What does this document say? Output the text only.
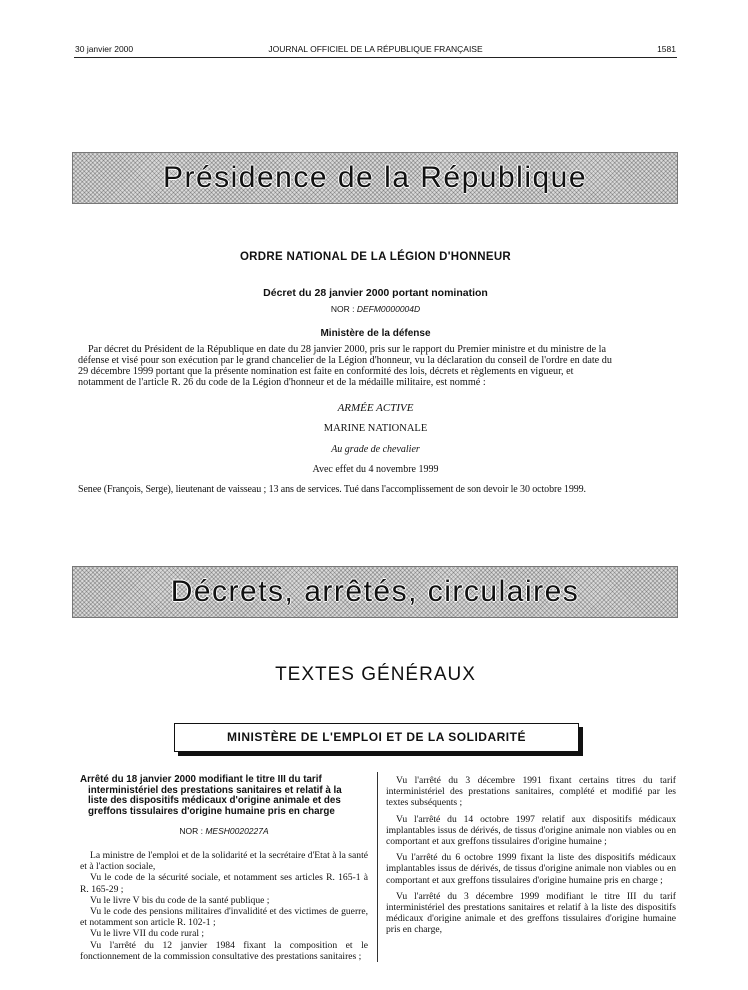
30 janvier 2000	JOURNAL OFFICIEL DE LA RÉPUBLIQUE FRANÇAISE	1581
Présidence de la République
ORDRE NATIONAL DE LA LÉGION D'HONNEUR
Décret du 28 janvier 2000 portant nomination
NOR : DEFM0000004D
Ministère de la défense
Par décret du Président de la République en date du 28 janvier 2000, pris sur le rapport du Premier ministre et du ministre de la
défense et visé pour son exécution par le grand chancelier de la Légion d'honneur, vu la déclaration du conseil de l'ordre en date du
29 décembre 1999 portant que la présente nomination est faite en conformité des lois, décrets et règlements en vigueur, et
notamment de l'article R. 26 du code de la Légion d'honneur et de la médaille militaire, est nommé :
ARMÉE ACTIVE
MARINE NATIONALE
Au grade de chevalier
Avec effet du 4 novembre 1999
Senee (François, Serge), lieutenant de vaisseau ; 13 ans de services. Tué dans l'accomplissement de son devoir le 30 octobre 1999.
Décrets, arrêtés, circulaires
TEXTES GÉNÉRAUX
MINISTÈRE DE L'EMPLOI ET DE LA SOLIDARITÉ
Arrêté du 18 janvier 2000 modifiant le titre III du tarif
interministériel des prestations sanitaires et relatif à la
liste des dispositifs médicaux d'origine animale et des
greffons tissulaires d'origine humaine pris en charge
NOR : MESH0020227A

La ministre de l'emploi et de la solidarité et la secrétaire d'Etat à la santé et à l'action sociale,

Vu le code de la sécurité sociale, et notamment ses articles R. 165-1 à R. 165-29 ;

Vu le livre V bis du code de la santé publique ;

Vu le code des pensions militaires d'invalidité et des victimes de guerre, et notamment son article R. 102-1 ;

Vu le livre VII du code rural ;

Vu l'arrêté du 12 janvier 1984 fixant la composition et le fonctionnement de la commission consultative des prestations sanitaires ;

Vu l'arrêté du 3 décembre 1991 fixant certains titres du tarif interministériel des prestations sanitaires, complété et modifié par les textes subséquents ;

Vu l'arrêté du 14 octobre 1997 relatif aux dispositifs médicaux implantables issus de dérivés, de tissus d'origine animale non viables ou en comportant et aux greffons tissulaires d'origine humaine ;

Vu l'arrêté du 6 octobre 1999 fixant la liste des dispositifs médicaux implantables issus de dérivés, de tissus d'origine animale non viables ou en comportant et aux greffons tissulaires d'origine humaine pris en charge ;

Vu l'arrêté du 3 décembre 1999 modifiant le titre III du tarif interministériel des prestations sanitaires et relatif à la liste des dispositifs médicaux d'origine animale et des greffons tissulaires d'origine humaine pris en charge,
